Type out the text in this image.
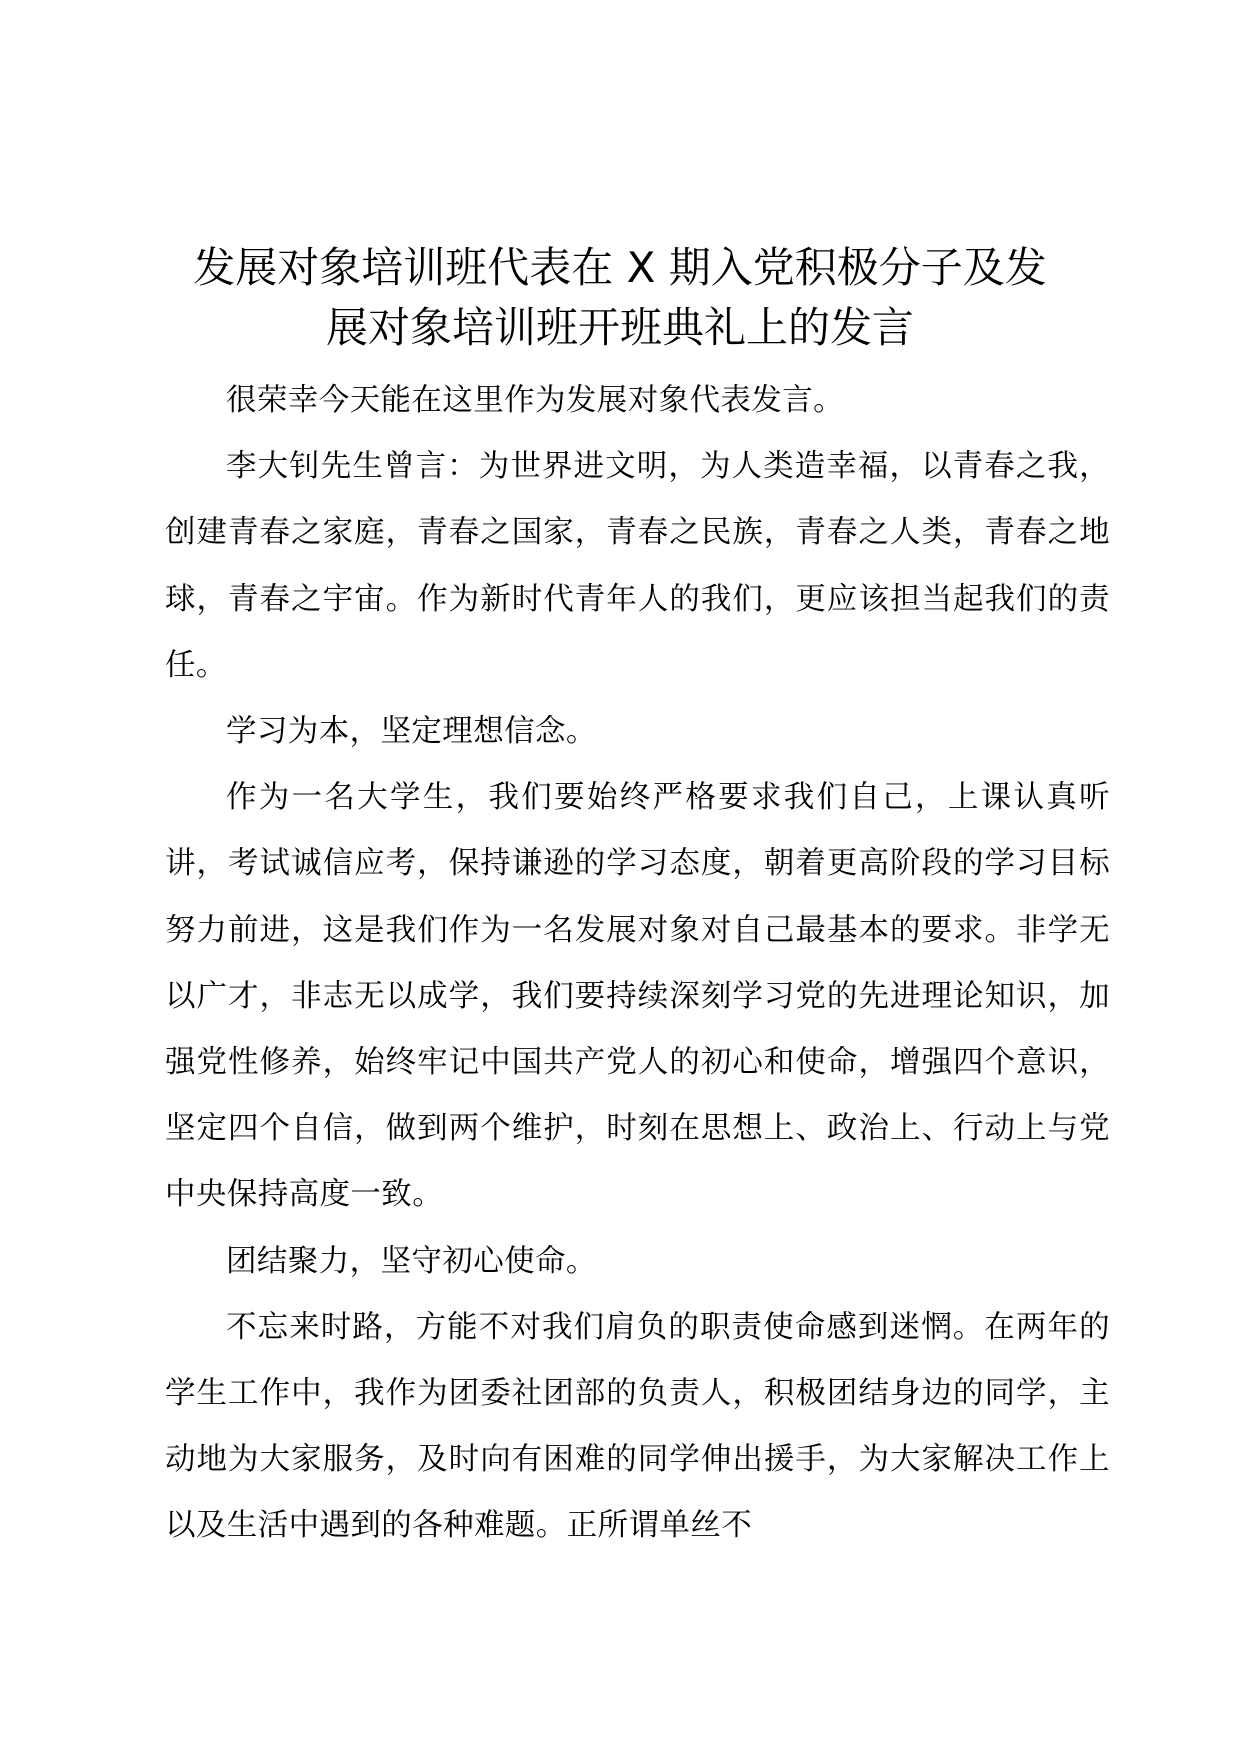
发展对象培训班代表在 X 期入党积极分子及发
展对象培训班开班典礼上的发言

很荣幸今天能在这里作为发展对象代表发言。

李大钊先生曾言：为世界进文明，为人类造幸福，以青春之我，创建青春之家庭，青春之国家，青春之民族，青春之人类，青春之地球，青春之宇宙。作为新时代青年人的我们，更应该担当起我们的责任。

学习为本，坚定理想信念。

作为一名大学生，我们要始终严格要求我们自己，上课认真听讲，考试诚信应考，保持谦逊的学习态度，朝着更高阶段的学习目标努力前进，这是我们作为一名发展对象对自己最基本的要求。非学无以广才，非志无以成学，我们要持续深刻学习党的先进理论知识，加强党性修养，始终牢记中国共产党人的初心和使命，增强四个意识，坚定四个自信，做到两个维护，时刻在思想上、政治上、行动上与党中央保持高度一致。

团结聚力，坚守初心使命。

不忘来时路，方能不对我们肩负的职责使命感到迷惘。在两年的学生工作中，我作为团委社团部的负责人，积极团结身边的同学，主动地为大家服务，及时向有困难的同学伸出援手，为大家解决工作上以及生活中遇到的各种难题。正所谓单丝不
